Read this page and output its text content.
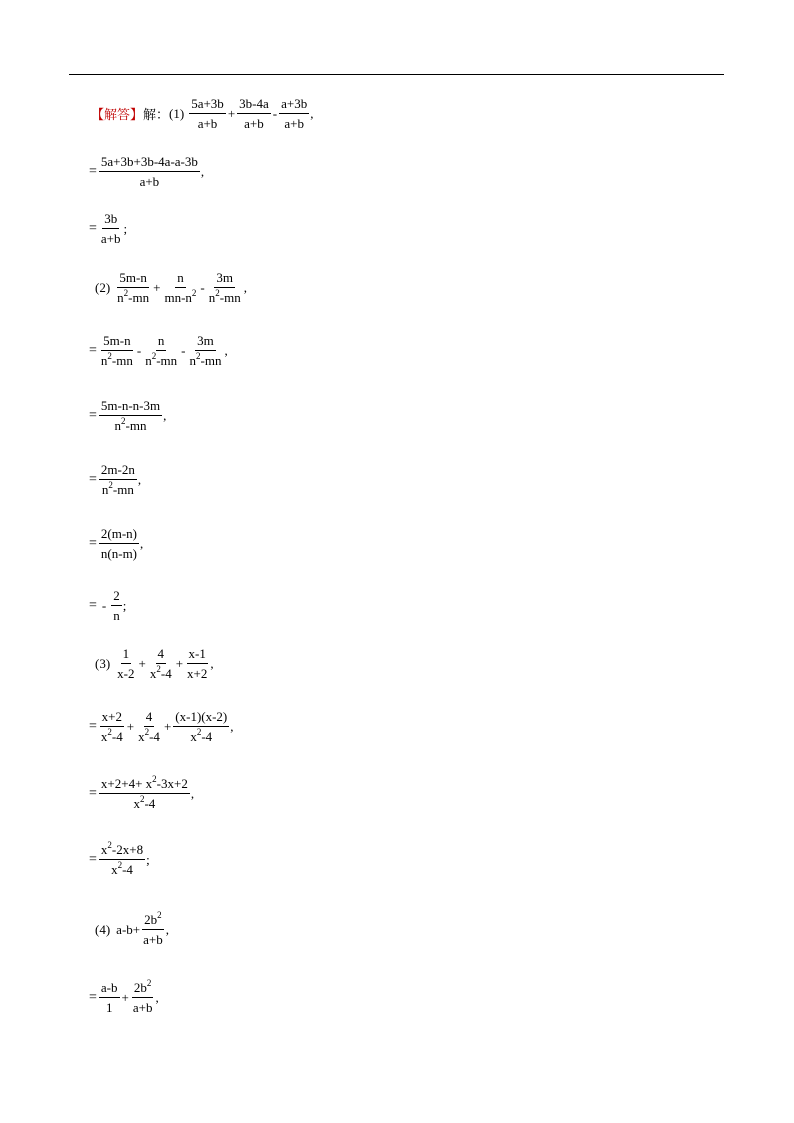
【解答】 解： $(1) \frac{5a+3b}{a+b} + \frac{3b-4a}{a+b} - \frac{a+3b}{a+b}$ ,
= $\frac{5a+3b+3b-4a-a-3b}{a+b}$ ,
= $\frac{3b}{a+b}$ ;
$(2) \frac{5m-n}{n^2-mn} + \frac{n}{mn-n^2} - \frac{3m}{n^2-mn}$ ,
= $\frac{5m-n}{n^2-mn} - \frac{n}{n^2-mn} - \frac{3m}{n^2-mn}$ ,
= $\frac{5m-n-n-3m}{n^2-mn}$ ,
= $\frac{2m-2n}{n^2-mn}$ ,
= $\frac{2(m-n)}{n(n-m)}$ ,
= - $\frac{2}{n}$ ;
$(3) \frac{1}{x-2} + \frac{4}{x^2-4} + \frac{x-1}{x+2}$ ,
= $\frac{x+2}{x^2-4} + \frac{4}{x^2-4} + \frac{(x-1)(x-2)}{x^2-4}$ ,
= $\frac{x+2+4+ x^2-3x+2}{x^2-4}$ ,
= $\frac{x^2-2x+8}{x^2-4}$ ;
(4) $a-b+ \frac{2b^2}{a+b}$ ,
= $\frac{a-b}{1} + \frac{2b^2}{a+b}$ ,
